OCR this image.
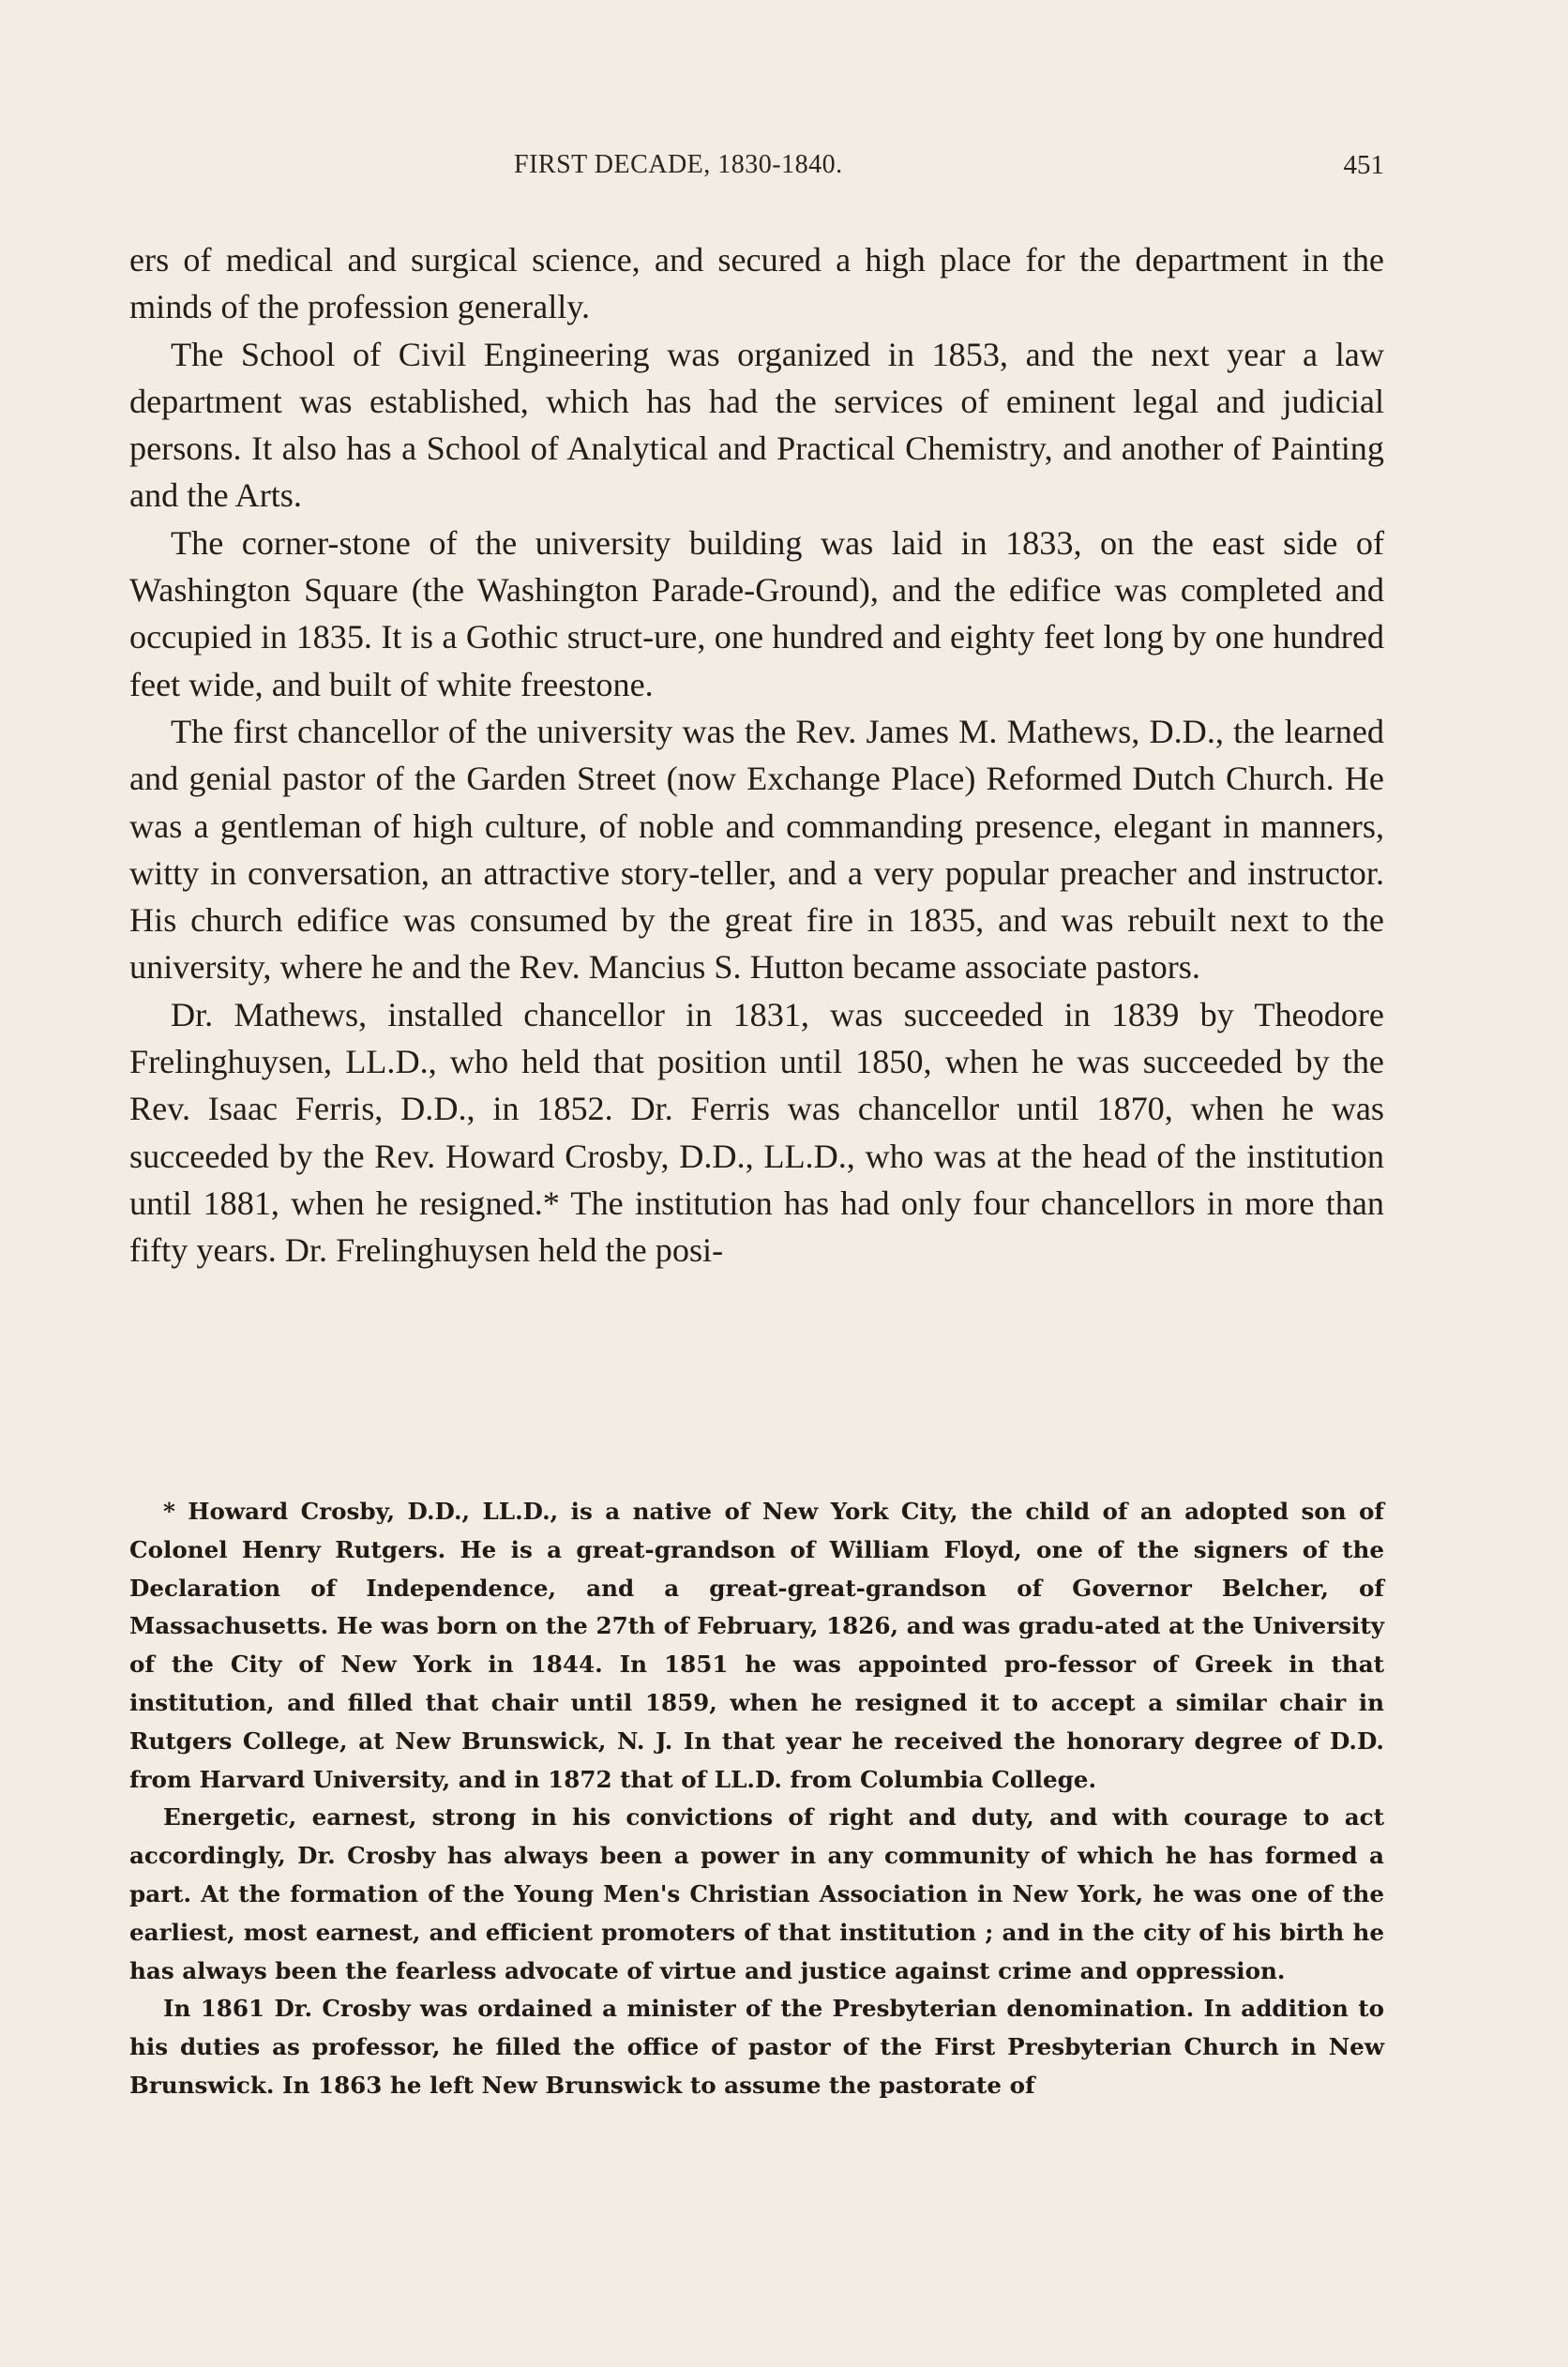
FIRST DECADE, 1830-1840.	451

ers of medical and surgical science, and secured a high place for the department in the minds of the profession generally.

The School of Civil Engineering was organized in 1853, and the next year a law department was established, which has had the services of eminent legal and judicial persons. It also has a School of Analytical and Practical Chemistry, and another of Painting and the Arts.

The corner-stone of the university building was laid in 1833, on the east side of Washington Square (the Washington Parade-Ground), and the edifice was completed and occupied in 1835. It is a Gothic struct-ure, one hundred and eighty feet long by one hundred feet wide, and built of white freestone.

The first chancellor of the university was the Rev. James M. Mathews, D.D., the learned and genial pastor of the Garden Street (now Exchange Place) Reformed Dutch Church. He was a gentleman of high culture, of noble and commanding presence, elegant in manners, witty in conversation, an attractive story-teller, and a very popular preacher and instructor. His church edifice was consumed by the great fire in 1835, and was rebuilt next to the university, where he and the Rev. Mancius S. Hutton became associate pastors.

Dr. Mathews, installed chancellor in 1831, was succeeded in 1839 by Theodore Frelinghuysen, LL.D., who held that position until 1850, when he was succeeded by the Rev. Isaac Ferris, D.D., in 1852. Dr. Ferris was chancellor until 1870, when he was succeeded by the Rev. Howard Crosby, D.D., LL.D., who was at the head of the institution until 1881, when he resigned.* The institution has had only four chancellors in more than fifty years. Dr. Frelinghuysen held the posi-

* Howard Crosby, D.D., LL.D., is a native of New York City, the child of an adopted son of Colonel Henry Rutgers. He is a great-grandson of William Floyd, one of the signers of the Declaration of Independence, and a great-great-grandson of Governor Belcher, of Massachusetts. He was born on the 27th of February, 1826, and was gradu-ated at the University of the City of New York in 1844. In 1851 he was appointed pro-fessor of Greek in that institution, and filled that chair until 1859, when he resigned it to accept a similar chair in Rutgers College, at New Brunswick, N. J. In that year he received the honorary degree of D.D. from Harvard University, and in 1872 that of LL.D. from Columbia College.

Energetic, earnest, strong in his convictions of right and duty, and with courage to act accordingly, Dr. Crosby has always been a power in any community of which he has formed a part. At the formation of the Young Men's Christian Association in New York, he was one of the earliest, most earnest, and efficient promoters of that institution ; and in the city of his birth he has always been the fearless advocate of virtue and justice against crime and oppression.

In 1861 Dr. Crosby was ordained a minister of the Presbyterian denomination. In addition to his duties as professor, he filled the office of pastor of the First Presbyterian Church in New Brunswick. In 1863 he left New Brunswick to assume the pastorate of
